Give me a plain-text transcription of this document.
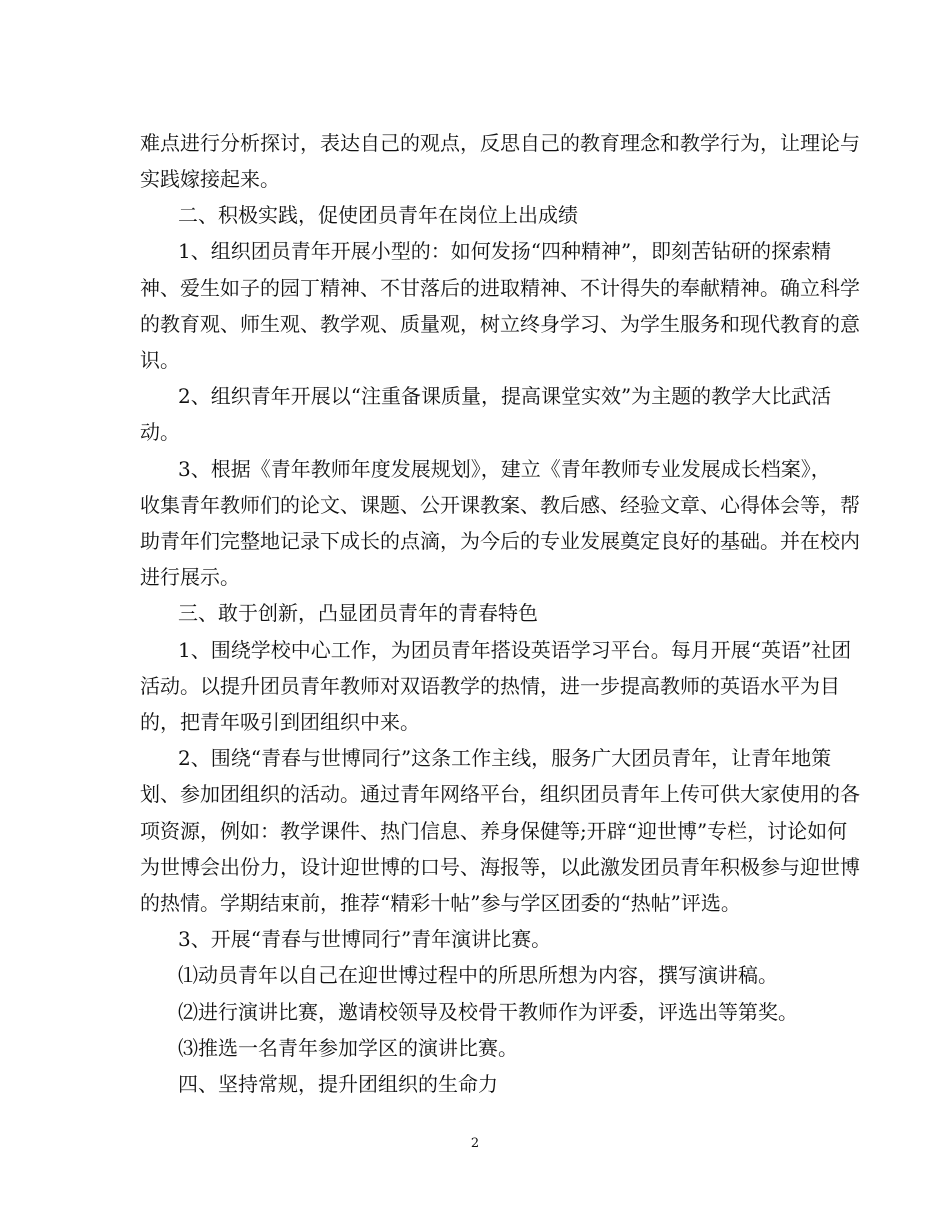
难点进行分析探讨，表达自己的观点，反思自己的教育理念和教学行为，让理论与
实践嫁接起来。
二、积极实践，促使团员青年在岗位上出成绩
1、组织团员青年开展小型的：如何发扬“四种精神”，即刻苦钻研的探索精
神、爱生如子的园丁精神、不甘落后的进取精神、不计得失的奉献精神。确立科学
的教育观、师生观、教学观、质量观，树立终身学习、为学生服务和现代教育的意
识。
2、组织青年开展以“注重备课质量，提高课堂实效”为主题的教学大比武活
动。
3、根据《青年教师年度发展规划》，建立《青年教师专业发展成长档案》，
收集青年教师们的论文、课题、公开课教案、教后感、经验文章、心得体会等，帮
助青年们完整地记录下成长的点滴，为今后的专业发展奠定良好的基础。并在校内
进行展示。
三、敢于创新，凸显团员青年的青春特色
1、围绕学校中心工作，为团员青年搭设英语学习平台。每月开展“英语”社团
活动。以提升团员青年教师对双语教学的热情，进一步提高教师的英语水平为目
的，把青年吸引到团组织中来。
2、围绕“青春与世博同行”这条工作主线，服务广大团员青年，让青年地策
划、参加团组织的活动。通过青年网络平台，组织团员青年上传可供大家使用的各
项资源，例如：教学课件、热门信息、养身保健等;开辟“迎世博”专栏，讨论如何
为世博会出份力，设计迎世博的口号、海报等，以此激发团员青年积极参与迎世博
的热情。学期结束前，推荐“精彩十帖”参与学区团委的“热帖”评选。
3、开展“青春与世博同行”青年演讲比赛。
⑴动员青年以自己在迎世博过程中的所思所想为内容，撰写演讲稿。
⑵进行演讲比赛，邀请校领导及校骨干教师作为评委，评选出等第奖。
⑶推选一名青年参加学区的演讲比赛。
四、坚持常规，提升团组织的生命力
2
